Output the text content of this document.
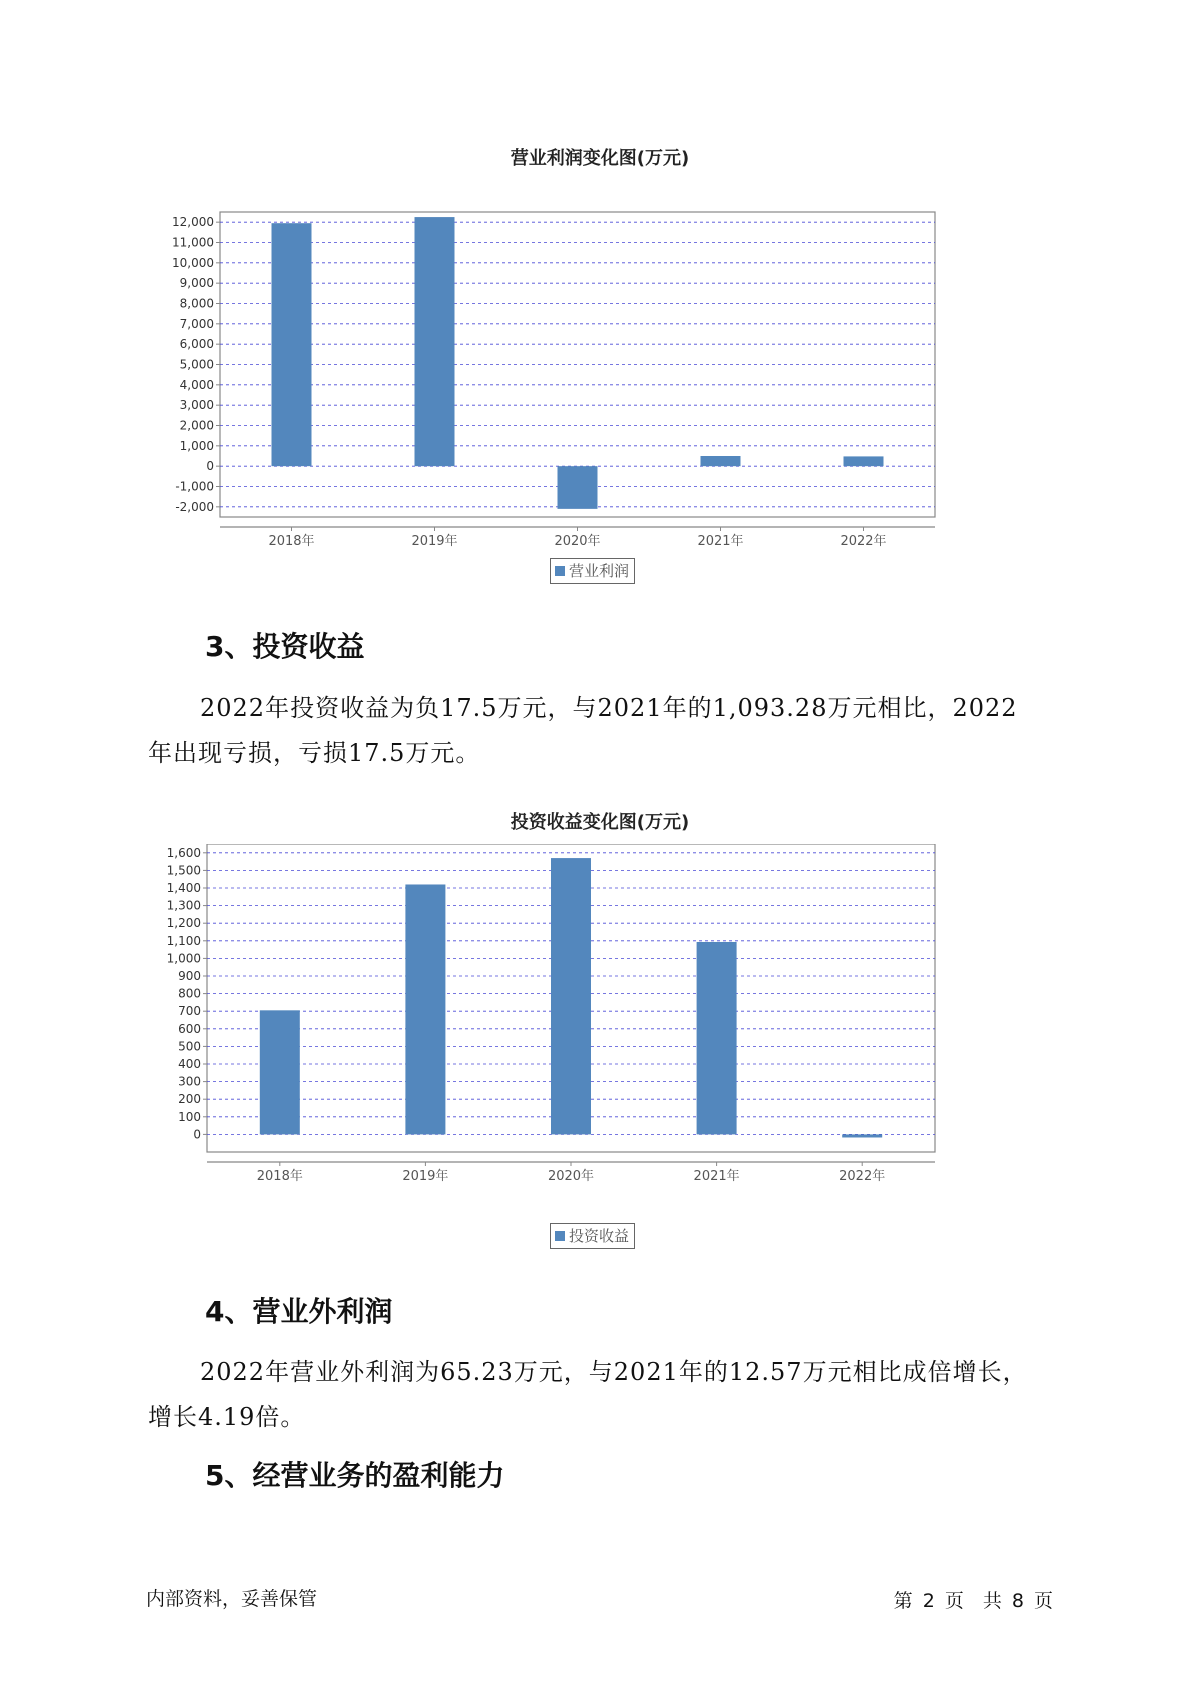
营业利润变化图(万元)
12,000
11,000
10,000
9,000
8,000
7,000
6,000
5,000
4,000
3,000
2,000
1,000
0
-1,000
-2,000
2018年	2019年	2020年	2021年	2022年
营业利润
3、投资收益
2022年投资收益为负17.5万元，与2021年的1,093.28万元相比，2022
年出现亏损，亏损17.5万元。
投资收益变化图(万元)
1,600
1,500
1,400
1,300
1,200
1,100
1,000
900
800
700
600
500
400
300
200
100
0
2018年	2019年	2020年	2021年	2022年
投资收益
4、营业外利润
2022年营业外利润为65.23万元，与2021年的12.57万元相比成倍增长，
增长4.19倍。
5、经营业务的盈利能力
内部资料，妥善保管	第 2 页　共 8 页
